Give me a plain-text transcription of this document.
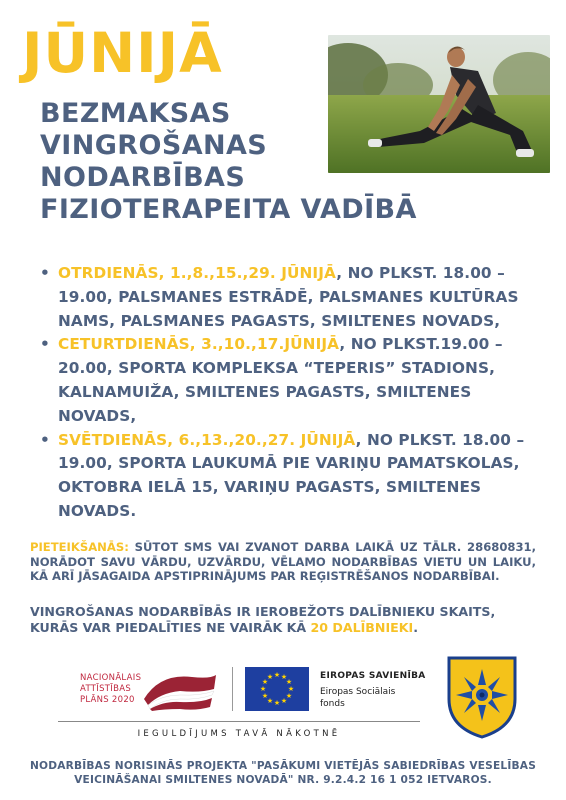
JŪNIJĀ
BEZMAKSAS
VINGROŠANAS
NODARBĪBAS
FIZIOTERAPEITA VADĪBĀ
• OTRDIENĀS, 1.,8.,15.,29. JŪNIJĀ, NO PLKST. 18.00 – 19.00, PALSMANES ESTRĀDĒ, PALSMANES KULTŪRAS NAMS, PALSMANES PAGASTS, SMILTENES NOVADS,
• CETURTDIENĀS, 3.,10.,17.JŪNIJĀ, NO PLKST.19.00 – 20.00, SPORTA KOMPLEKSA “TEPERIS” STADIONS, KALNAMUIŽA, SMILTENES PAGASTS, SMILTENES NOVADS,
• SVĒTDIENĀS, 6.,13.,20.,27. JŪNIJĀ, NO PLKST. 18.00 – 19.00, SPORTA LAUKUMĀ PIE VARIŅU PAMATSKOLAS, OKTOBRA IELĀ 15, VARIŅU PAGASTS, SMILTENES NOVADS.
PIETEIKŠANĀS: SŪTOT SMS VAI ZVANOT DARBA LAIKĀ UZ TĀLR. 28680831, NORĀDOT SAVU VĀRDU, UZVĀRDU, VĒLAMO NODARBĪBAS VIETU UN LAIKU, KĀ ARĪ JĀSAGAIDA APSTIPRINĀJUMS PAR REĢISTRĒŠANOS NODARBĪBAI.
VINGROŠANAS NODARBĪBĀS IR IEROBEŽOTS DALĪBNIEKU SKAITS, KURĀS VAR PIEDALĪTIES NE VAIRĀK KĀ 20 DALĪBNIEKI.
NACIONĀLAIS
ATTĪSTĪBAS
PLĀNS 2020
★ ★
★
★
★
★
★
★
★
★
★
★	EIROPAS SAVIENĪBA
Eiropas Sociālais
fonds
IEGULDĪJUMS TAVĀ NĀKOTNĒ
NODARBĪBAS NORISINĀS PROJEKTA "PASĀKUMI VIETĒJĀS SABIEDRĪBAS VESELĪBAS VEICINĀŠANAI SMILTENES NOVADĀ" NR. 9.2.4.2 16 1 052 IETVAROS.
